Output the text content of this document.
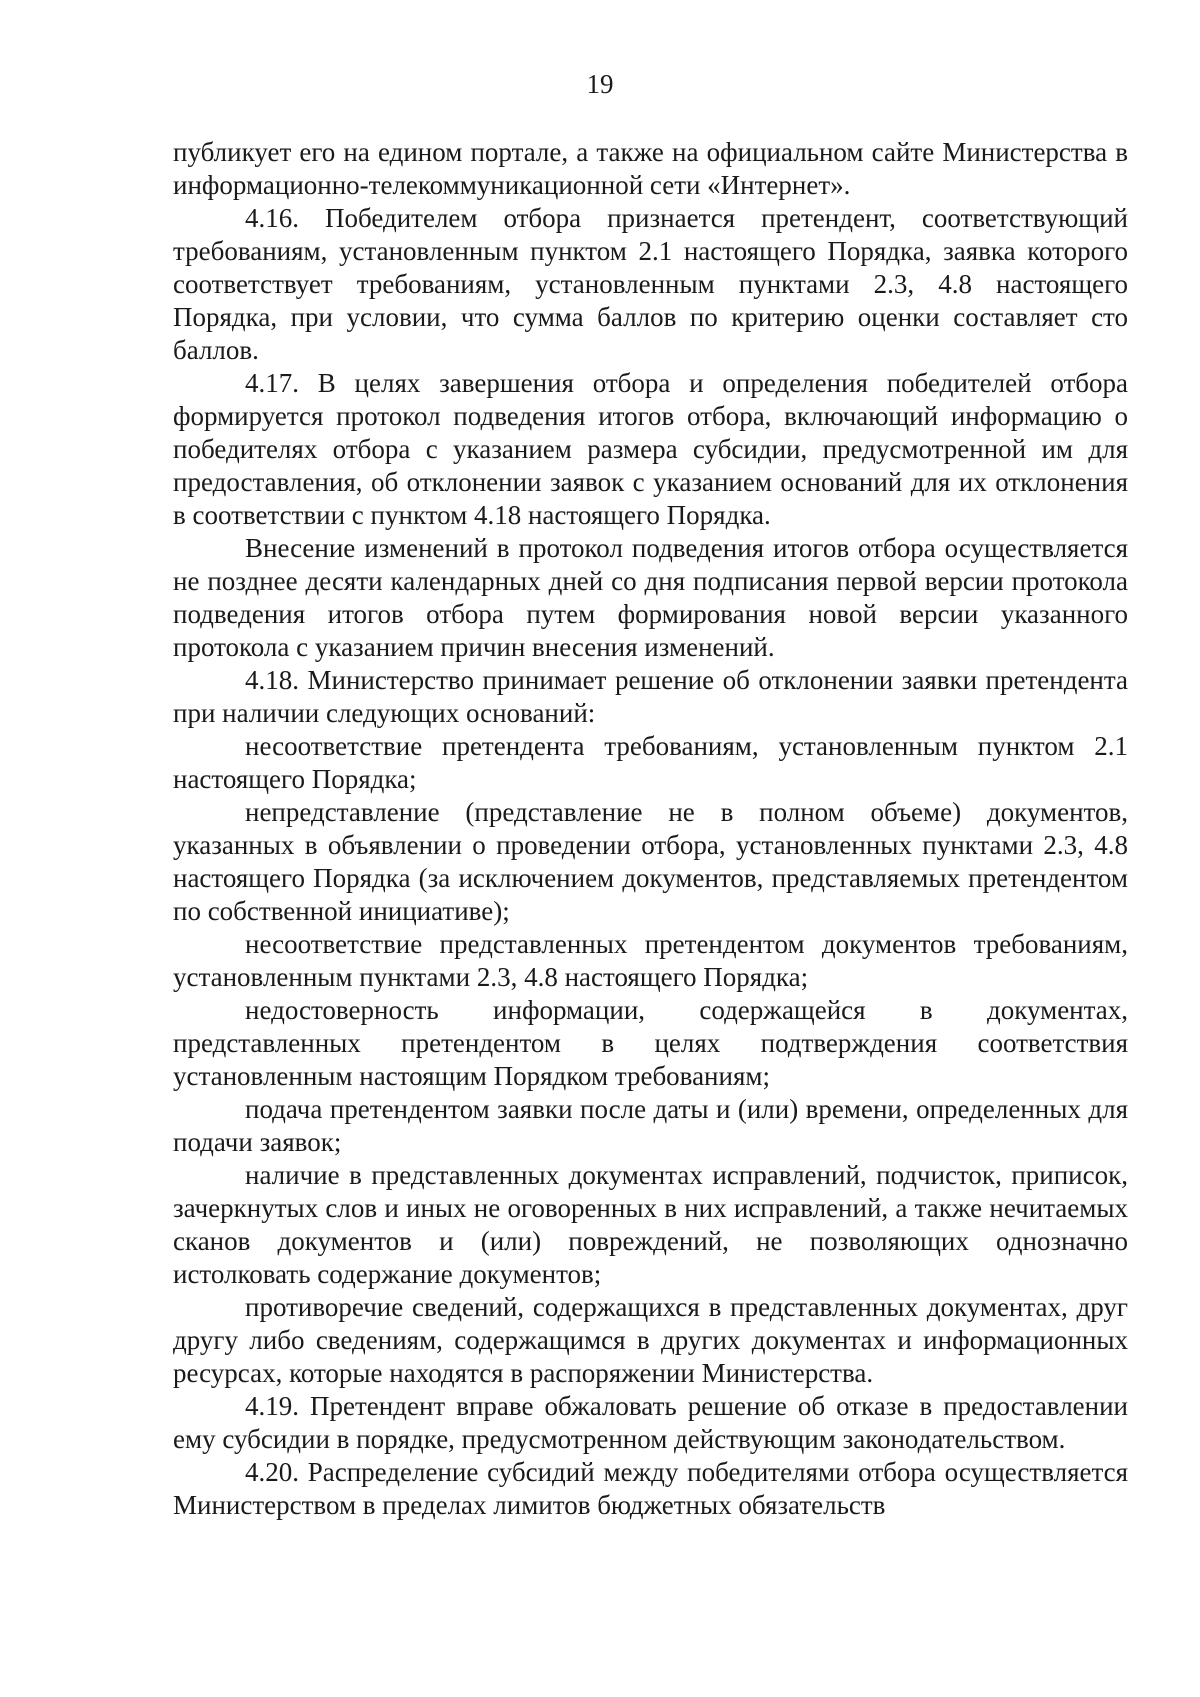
19

публикует его на едином портале, а также на официальном сайте Министерства в информационно-телекоммуникационной сети «Интернет».

4.16. Победителем отбора признается претендент, соответствующий требованиям, установленным пунктом 2.1 настоящего Порядка, заявка которого соответствует требованиям, установленным пунктами 2.3, 4.8 настоящего Порядка, при условии, что сумма баллов по критерию оценки составляет сто баллов.

4.17. В целях завершения отбора и определения победителей отбора формируется протокол подведения итогов отбора, включающий информацию о победителях отбора с указанием размера субсидии, предусмотренной им для предоставления, об отклонении заявок с указанием оснований для их отклонения в соответствии с пунктом 4.18 настоящего Порядка.

Внесение изменений в протокол подведения итогов отбора осуществляется не позднее десяти календарных дней со дня подписания первой версии протокола подведения итогов отбора путем формирования новой версии указанного протокола с указанием причин внесения изменений.

4.18. Министерство принимает решение об отклонении заявки претендента при наличии следующих оснований:

несоответствие претендента требованиям, установленным пунктом 2.1 настоящего Порядка;

непредставление (представление не в полном объеме) документов, указанных в объявлении о проведении отбора, установленных пунктами 2.3, 4.8 настоящего Порядка (за исключением документов, представляемых претендентом по собственной инициативе);

несоответствие представленных претендентом документов требованиям, установленным пунктами 2.3, 4.8 настоящего Порядка;

недостоверность информации, содержащейся в документах, представленных претендентом в целях подтверждения соответствия установленным настоящим Порядком требованиям;

подача претендентом заявки после даты и (или) времени, определенных для подачи заявок;

наличие в представленных документах исправлений, подчисток, приписок, зачеркнутых слов и иных не оговоренных в них исправлений, а также нечитаемых сканов документов и (или) повреждений, не позволяющих однозначно истолковать содержание документов;

противоречие сведений, содержащихся в представленных документах, друг другу либо сведениям, содержащимся в других документах и информационных ресурсах, которые находятся в распоряжении Министерства.

4.19. Претендент вправе обжаловать решение об отказе в предоставлении ему субсидии в порядке, предусмотренном действующим законодательством.

4.20. Распределение субсидий между победителями отбора осуществляется Министерством в пределах лимитов бюджетных обязательств
